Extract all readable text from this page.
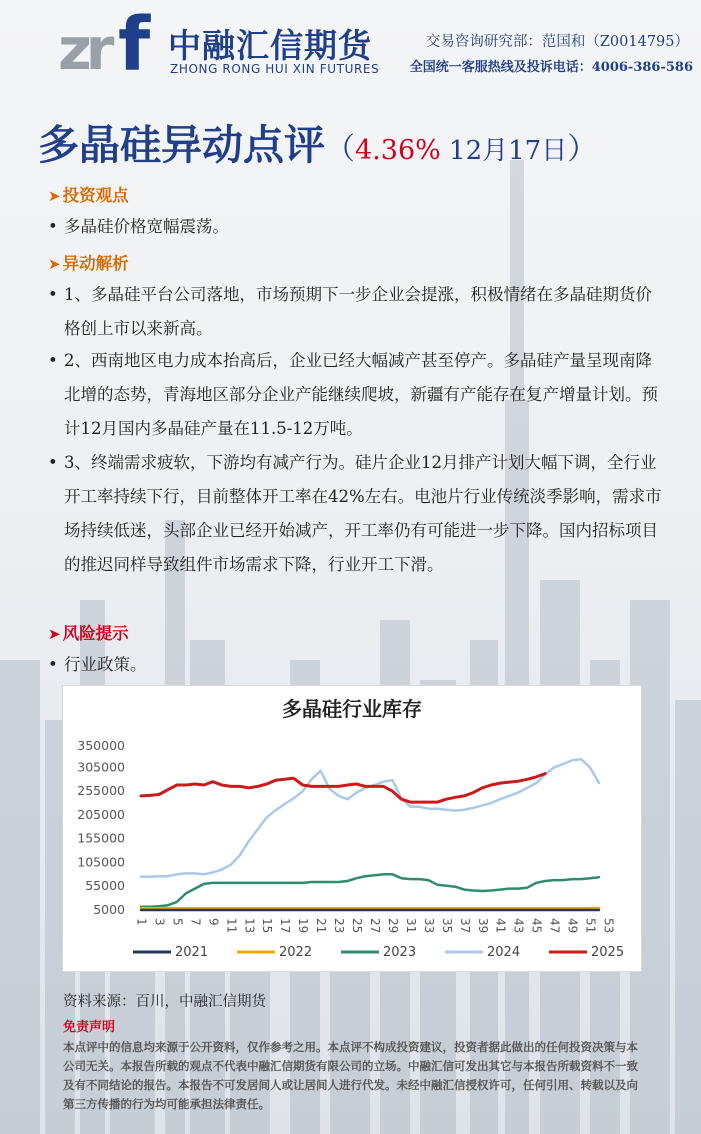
zr f 中融汇信期货
ZHONG RONG HUI XIN FUTURES
交易咨询研究部：范国和（Z0014795）
全国统一客服热线及投诉电话：4006-386-586
多晶硅异动点评（4.36% 12月17日）
➤ 投资观点
• 多晶硅价格宽幅震荡。
➤ 异动解析
• 1、多晶硅平台公司落地，市场预期下一步企业会提涨，积极情绪在多晶硅期货价格创上市以来新高。
• 2、西南地区电力成本抬高后，企业已经大幅减产甚至停产。多晶硅产量呈现南降北增的态势，青海地区部分企业产能继续爬坡，新疆有产能存在复产增量计划。预计12月国内多晶硅产量在11.5-12万吨。
• 3、终端需求疲软，下游均有减产行为。硅片企业12月排产计划大幅下调，全行业开工率持续下行，目前整体开工率在42%左右。电池片行业传统淡季影响，需求市场持续低迷，头部企业已经开始减产，开工率仍有可能进一步下降。国内招标项目的推迟同样导致组件市场需求下降，行业开工下滑。
➤ 风险提示
• 行业政策。
多晶硅行业库存
350000
305000
255000
205000
155000
105000
55000
5000
1 3 5 7 9 11 13 15 17 19 21 23 25 27 29 31 33 35 37 39 41 43 45 47 49 51 53
2021	2022	2023	2024	2025
资料来源：百川，中融汇信期货
免责声明
本点评中的信息均来源于公开资料，仅作参考之用。本点评不构成投资建议，投资者据此做出的任何投资决策与本公司无关。本报告所载的观点不代表中融汇信期货有限公司的立场。中融汇信可发出其它与本报告所载资料不一致及有不同结论的报告。本报告不可发居间人或让居间人进行代发。未经中融汇信授权许可，任何引用、转载以及向第三方传播的行为均可能承担法律责任。
